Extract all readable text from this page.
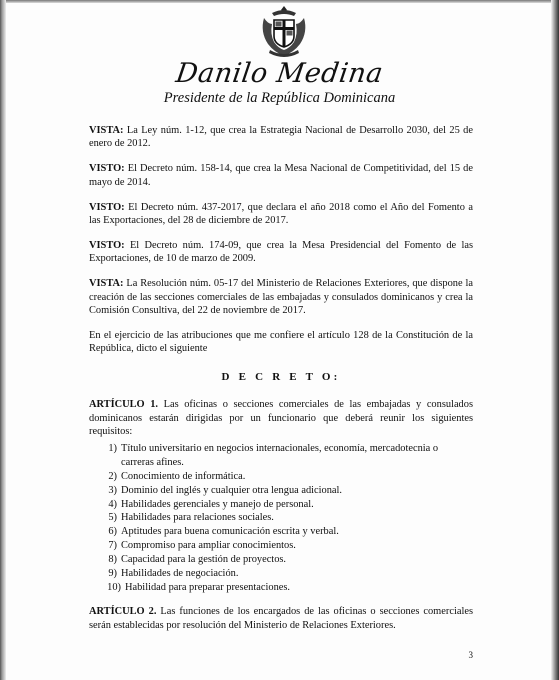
Danilo Medina
Presidente de la República Dominicana

VISTA: La Ley núm. 1-12, que crea la Estrategia Nacional de Desarrollo 2030, del 25 de enero de 2012.

VISTO: El Decreto núm. 158-14, que crea la Mesa Nacional de Competitividad, del 15 de mayo de 2014.

VISTO: El Decreto núm. 437-2017, que declara el año 2018 como el Año del Fomento a las Exportaciones, del 28 de diciembre de 2017.

VISTO: El Decreto núm. 174-09, que crea la Mesa Presidencial del Fomento de las Exportaciones, de 10 de marzo de 2009.

VISTA: La Resolución núm. 05-17 del Ministerio de Relaciones Exteriores, que dispone la creación de las secciones comerciales de las embajadas y consulados dominicanos y crea la Comisión Consultiva, del 22 de noviembre de 2017.

En el ejercicio de las atribuciones que me confiere el artículo 128 de la Constitución de la República, dicto el siguiente

D E C R E T O:

ARTÍCULO 1. Las oficinas o secciones comerciales de las embajadas y consulados dominicanos estarán dirigidas por un funcionario que deberá reunir los siguientes requisitos:

1) Título universitario en negocios internacionales, economía, mercadotecnia o carreras afines.
2) Conocimiento de informática.
3) Dominio del inglés y cualquier otra lengua adicional.
4) Habilidades gerenciales y manejo de personal.
5) Habilidades para relaciones sociales.
6) Aptitudes para buena comunicación escrita y verbal.
7) Compromiso para ampliar conocimientos.
8) Capacidad para la gestión de proyectos.
9) Habilidades de negociación.
10) Habilidad para preparar presentaciones.

ARTÍCULO 2. Las funciones de los encargados de las oficinas o secciones comerciales serán establecidas por resolución del Ministerio de Relaciones Exteriores.

3
